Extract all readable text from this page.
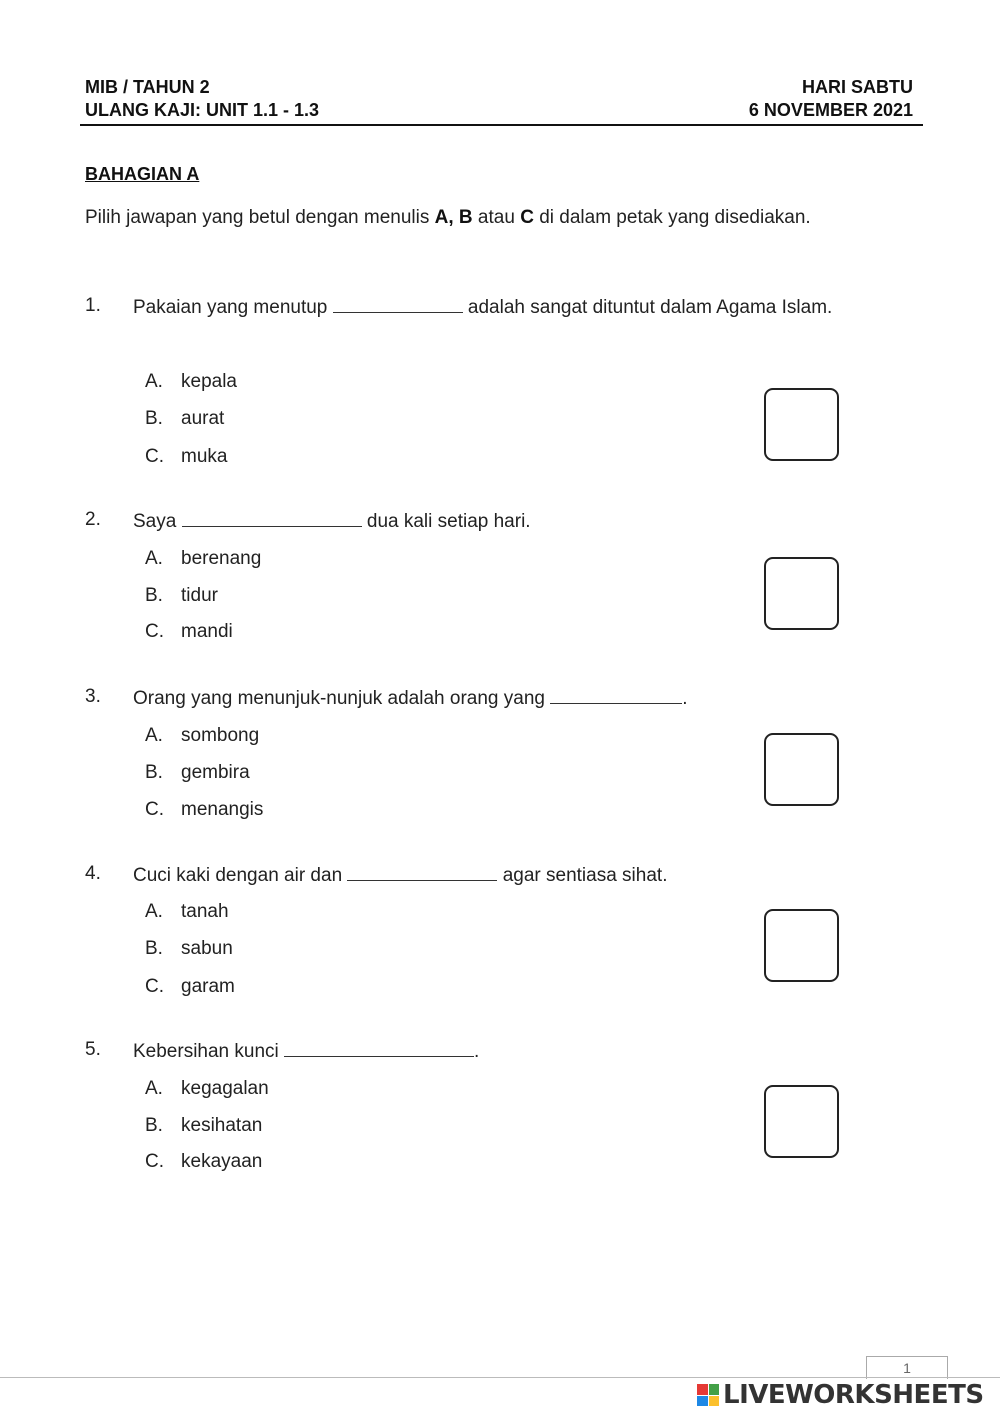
MIB / TAHUN 2	HARI SABTU
ULANG KAJI: UNIT 1.1 - 1.3	6 NOVEMBER 2021
BAHAGIAN A
Pilih jawapan yang betul dengan menulis A, B atau C di dalam petak yang disediakan.
1. Pakaian yang menutup	adalah sangat dituntut dalam Agama Islam.
A. kepala
B. aurat
C. muka
2. Saya	dua kali setiap hari.
A. berenang
B. tidur
C. mandi
3. Orang yang menunjuk-nunjuk adalah orang yang	.
A. sombong
B. gembira
C. menangis
4. Cuci kaki dengan air dan	agar sentiasa sihat.
A. tanah
B. sabun
C. garam
5. Kebersihan kunci	.
A. kegagalan
B. kesihatan
C. kekayaan
1
LIVEWORKSHEETS
